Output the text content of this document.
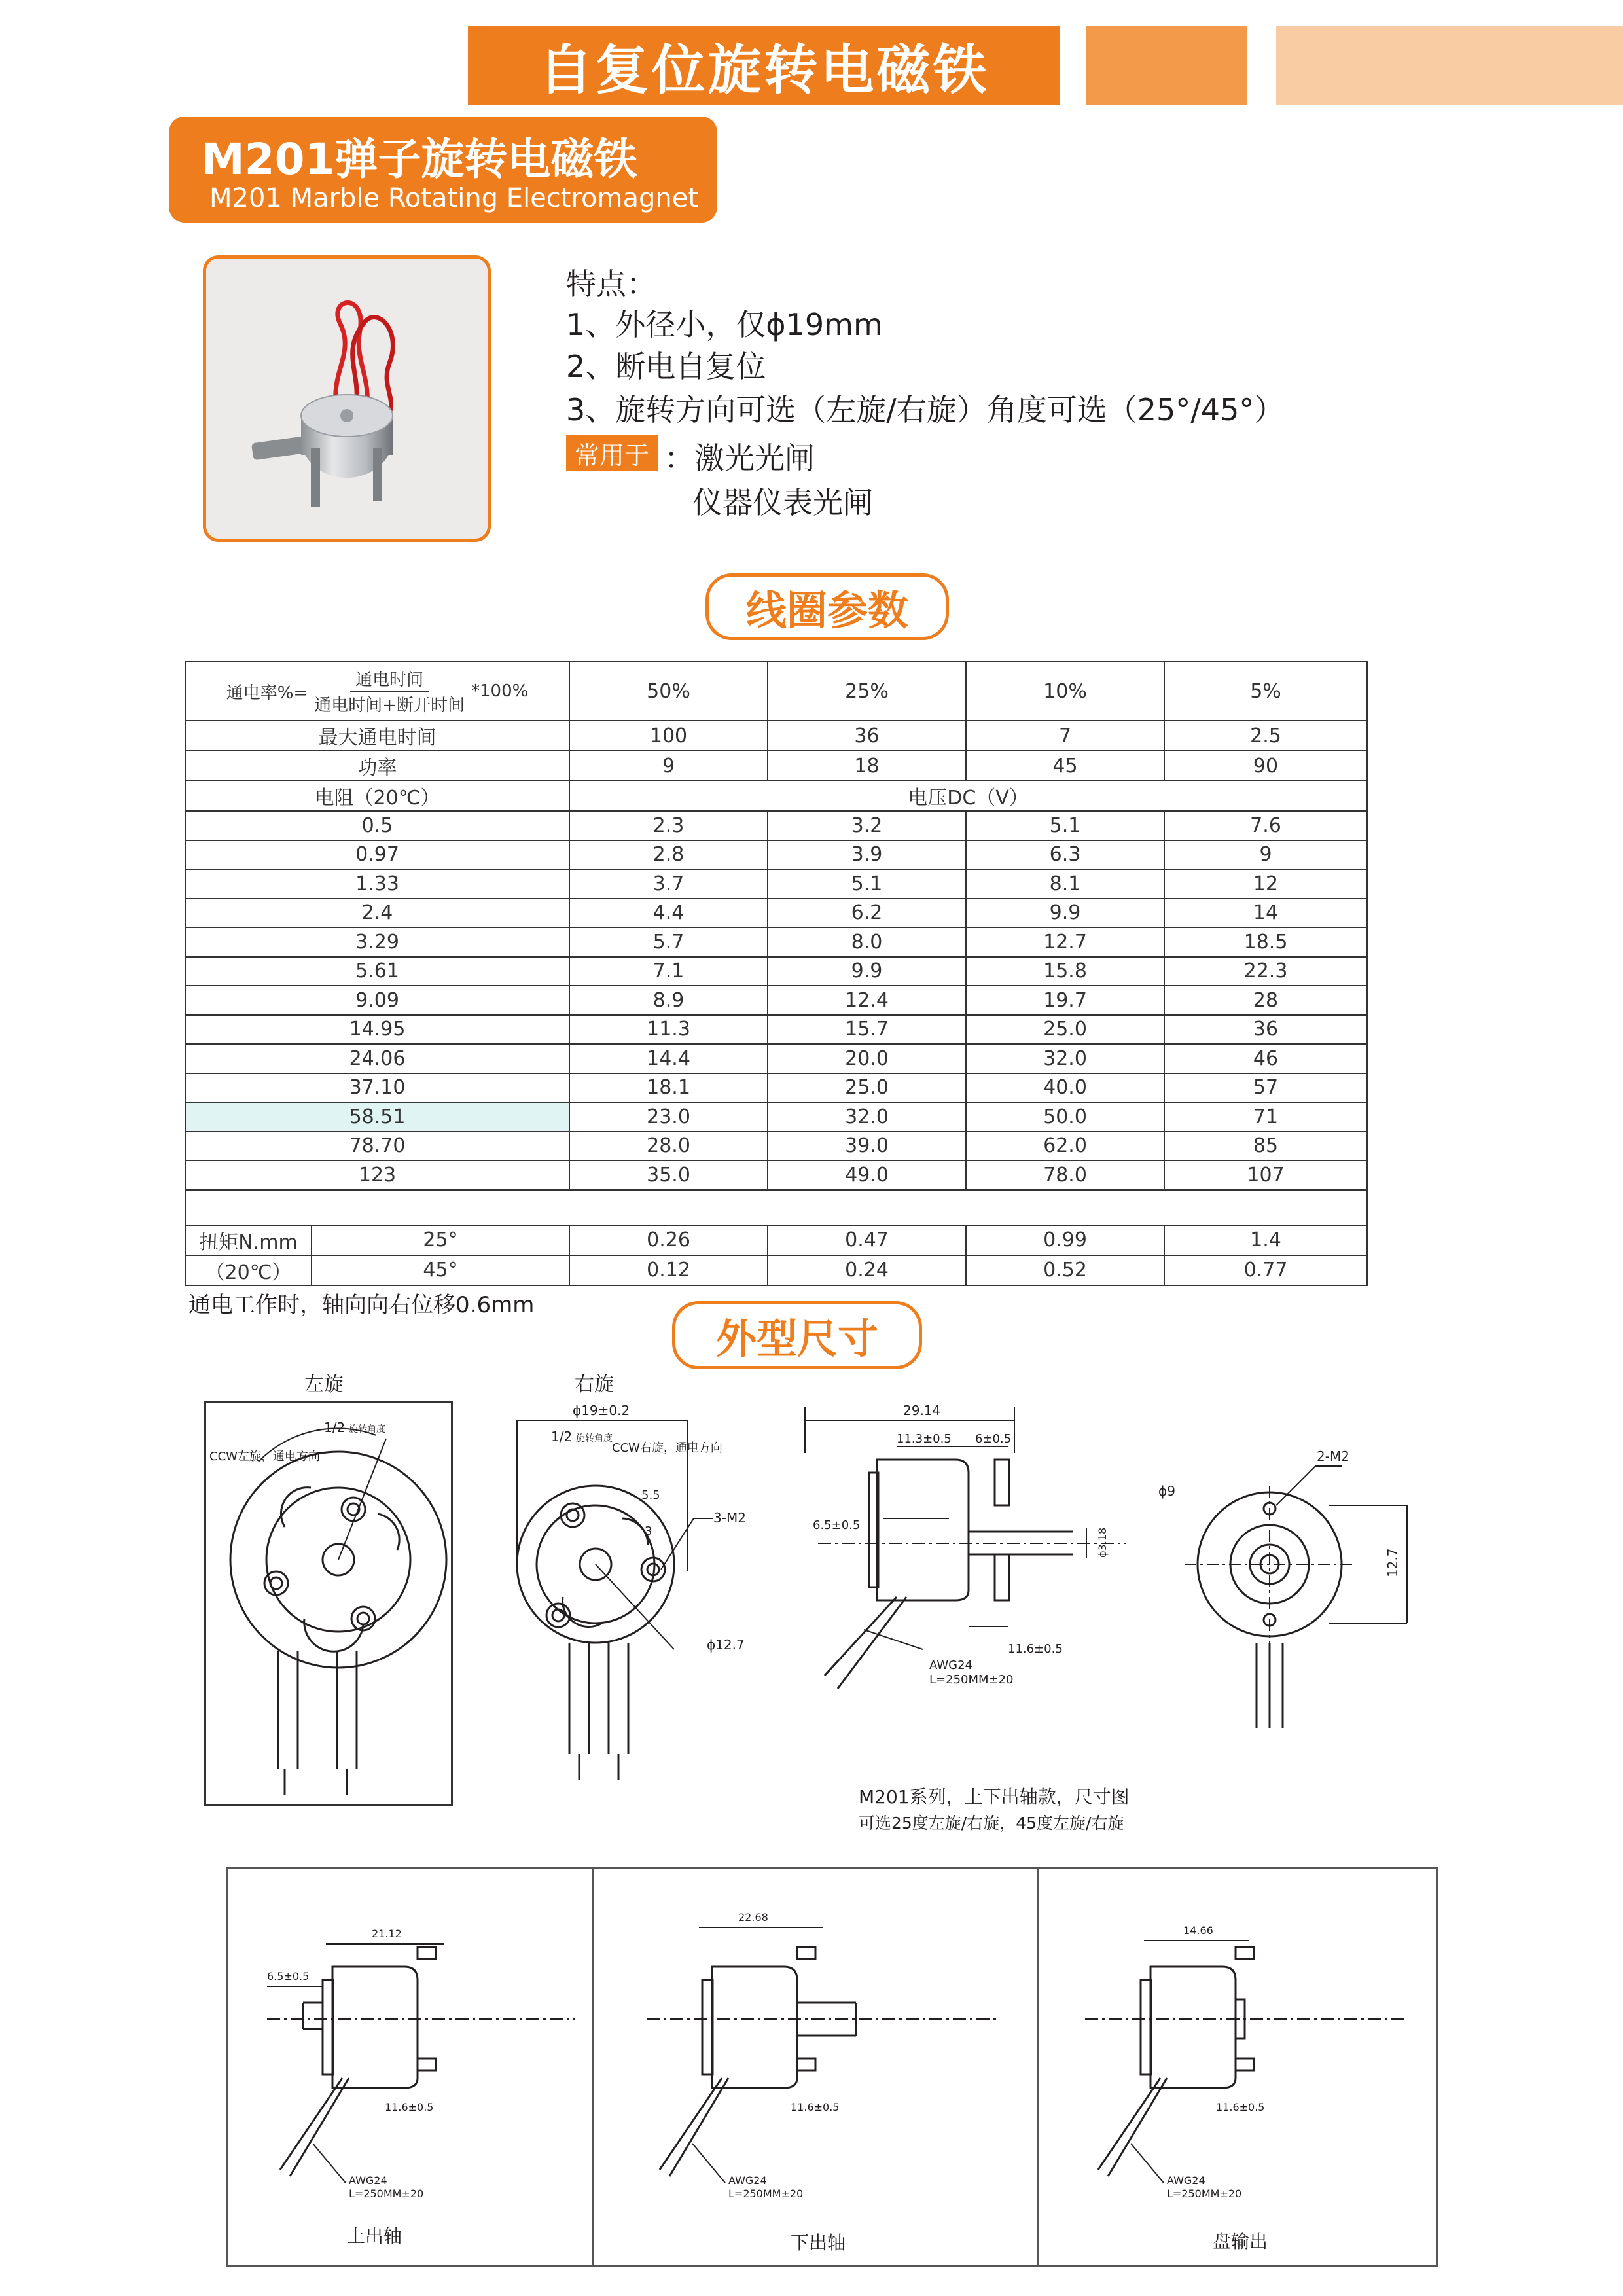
自复位旋转电磁铁
M201弹子旋转电磁铁
M201 Marble Rotating Electromagnet
特点：
1、外径小，仅ϕ19mm
2、断电自复位
3、旋转方向可选（左旋/右旋）角度可选（25°/45°）
常用于 ：激光光闸
仪器仪表光闸
线圈参数
通电率%=
通电时间
通电时间+断开时间
*100%		50%	25%	10%	5%
最大通电时间		100	36	7	2.5
功率		9	18	45	90
电阻（20℃）		电压DC（V）			
0.5		2.3	3.2	5.1	7.6
0.97		2.8	3.9	6.3	9
1.33		3.7	5.1	8.1	12
2.4		4.4	6.2	9.9	14
3.29		5.7	8.0	12.7	18.5
5.61		7.1	9.9	15.8	22.3
9.09		8.9	12.4	19.7	28
14.95		11.3	15.7	25.0	36
24.06		14.4	20.0	32.0	46
37.10		18.1	25.0	40.0	57
58.51		23.0	32.0	50.0	71
78.70		28.0	39.0	62.0	85
123		35.0	49.0	78.0	107

扭矩N.mm	25°	0.26	0.47	0.99	1.4
（20℃）	45°	0.12	0.24	0.52	0.77
通电工作时，轴向向右位移0.6mm
外型尺寸
左旋	右旋
1/2 旋转角度
CCW左旋，通电方向
ϕ19±0.2
1/2 旋转角度
CCW右旋，通电方向
5.5
3
3-M2
ϕ12.7
29.14
11.3±0.5 6±0.5
6.5±0.5
ϕ3.18
11.6±0.5
AWG24
L=250MM±20
M201系列，上下出轴款，尺寸图
可选25度左旋/右旋，45度左旋/右旋
ϕ9
2-M2
12.7
21.12
6.5±0.5
11.6±0.5
AWG24
L=250MM±20
上出轴
22.68
11.6±0.5
AWG24
L=250MM±20
下出轴
14.66
11.6±0.5
AWG24
L=250MM±20
盘输出
